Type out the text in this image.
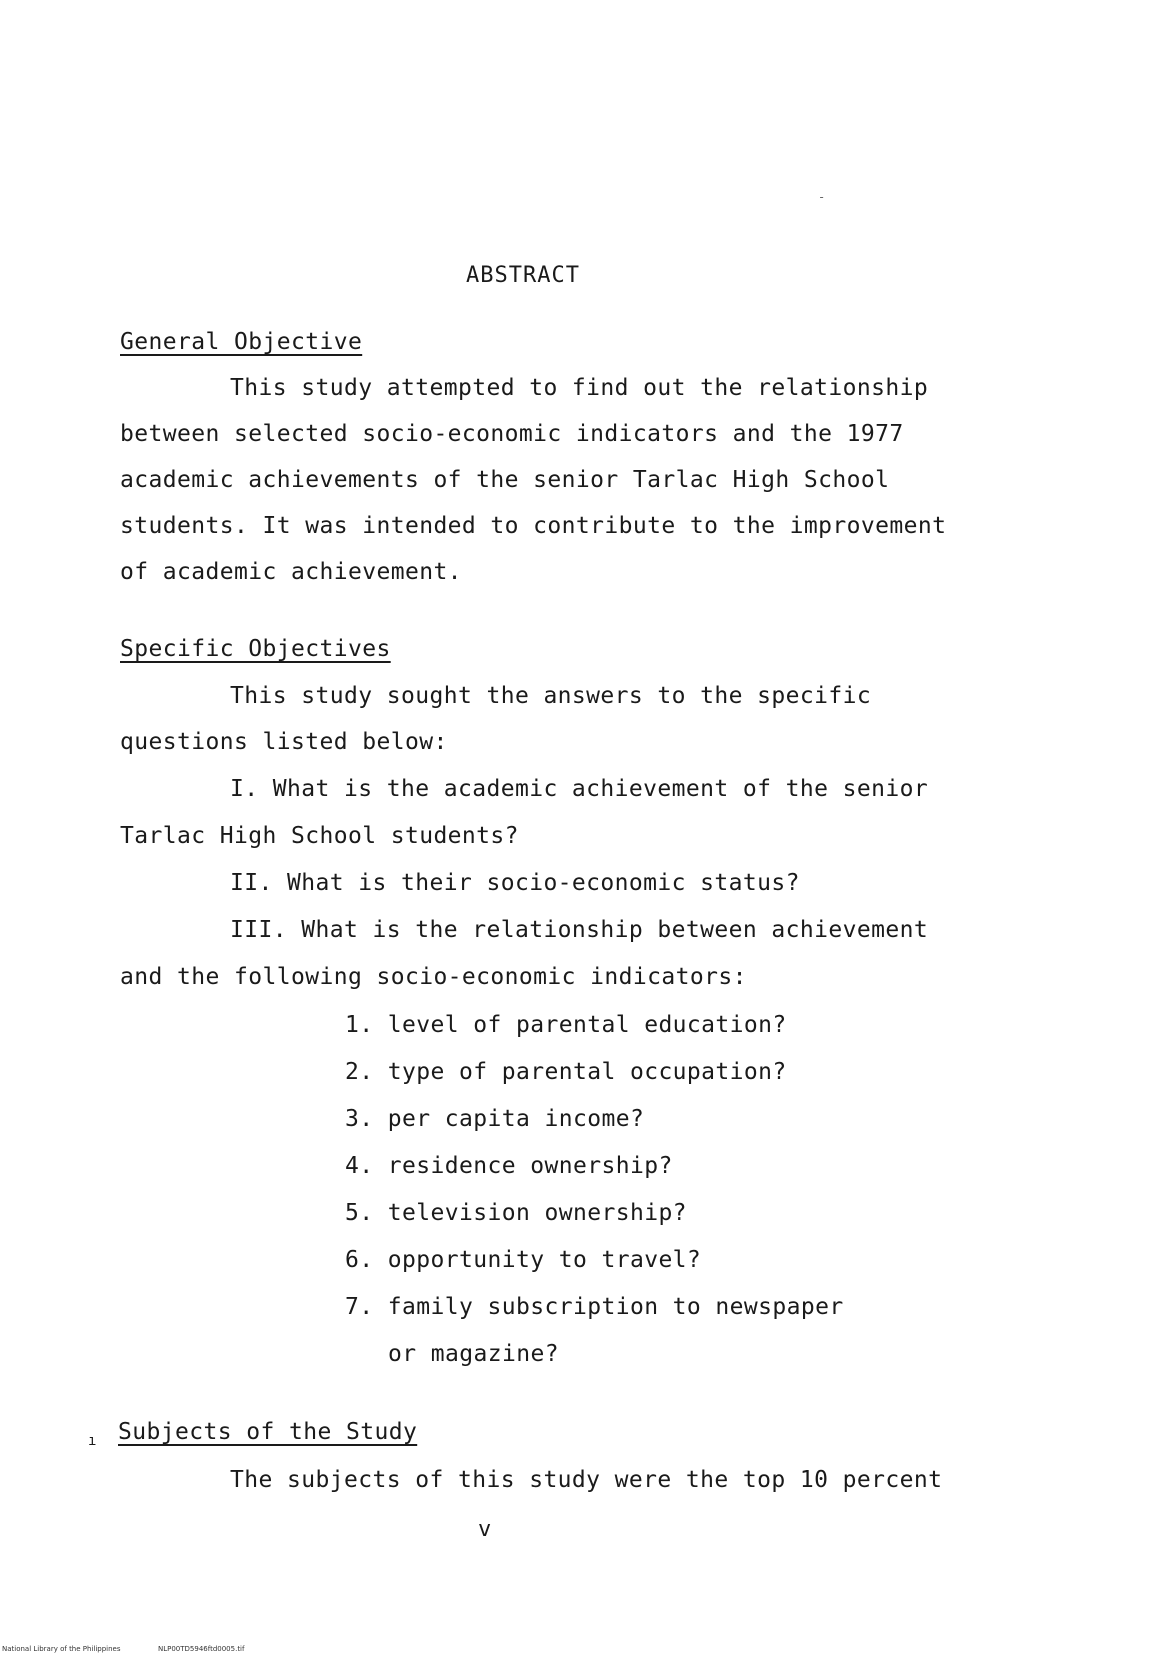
-
ABSTRACT
General Objective
This study attempted to find out the relationship
between selected socio-economic indicators and the 1977
academic achievements of the senior Tarlac High School
students. It was intended to contribute to the improvement
of academic achievement.
Specific Objectives
This study sought the answers to the specific
questions listed below:
I. What is the academic achievement of the senior
Tarlac High School students?
II. What is their socio-economic status?
III. What is the relationship between achievement
and the following socio-economic indicators:
1. level of parental education?
2. type of parental occupation?
3. per capita income?
4. residence ownership?
5. television ownership?
6. opportunity to travel?
7. family subscription to newspaper
or magazine?
ı Subjects of the Study
The subjects of this study were the top 10 percent
v
National Library of the Philippines	NLP00TD5946ftd0005.tif
